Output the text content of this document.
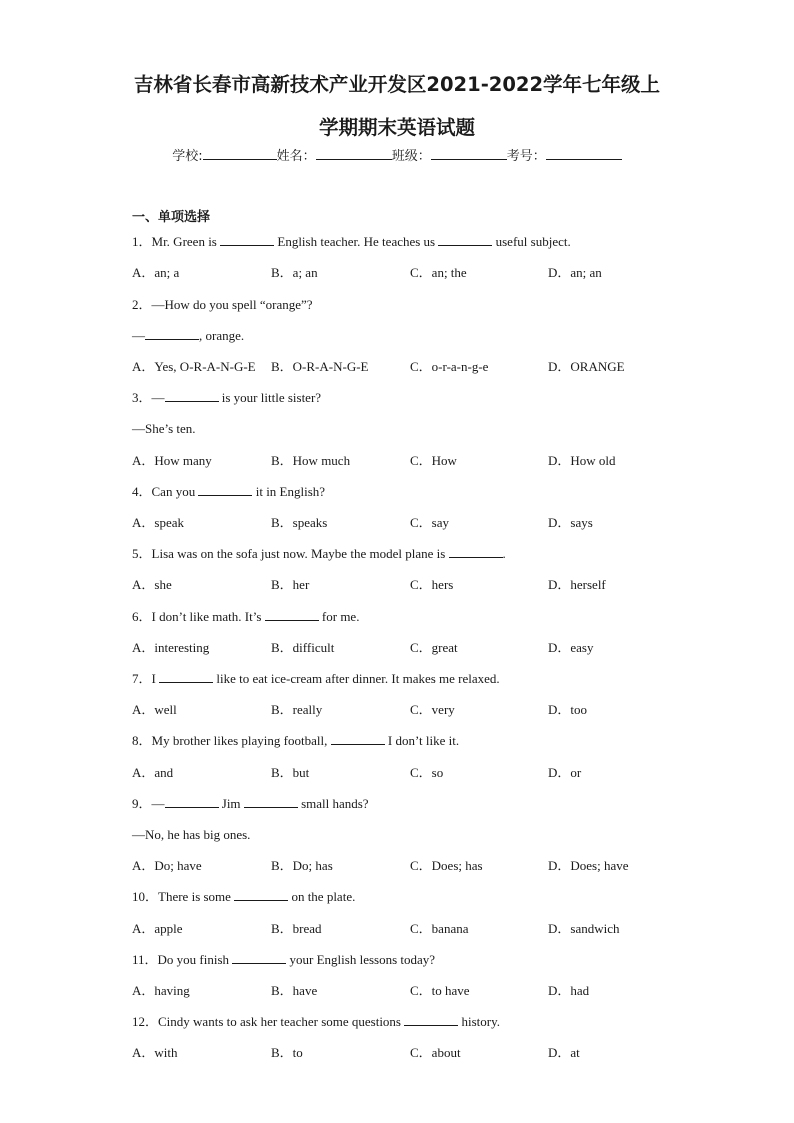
吉林省长春市高新技术产业开发区2021-2022学年七年级上
学期期末英语试题
学校:	姓名：	班级：	考号：
一、单项选择
1．Mr. Green is	English teacher. He teaches us	useful subject.
A．an; a	B．a; an	C．an; the	D．an; an
2．—How do you spell “orange”?
—	, orange.
A．Yes, O-R-A-N-G-E B．O-R-A-N-G-E	C．o-r-a-n-g-e	D．ORANGE
3．—	is your little sister?
—She’s ten.
A．How many	B．How much	C．How	D．How old
4．Can you	it in English?
A．speak	B．speaks	C．say	D．says
5．Lisa was on the sofa just now. Maybe the model plane is	.
A．she	B．her	C．hers	D．herself
6．I don’t like math. It’s	for me.
A．interesting	B．difficult	C．great	D．easy
7．I	like to eat ice-cream after dinner. It makes me relaxed.
A．well	B．really	C．very	D．too
8．My brother likes playing football,	I don’t like it.
A．and	B．but	C．so	D．or
9．—	Jim	small hands?
—No, he has big ones.
A．Do; have	B．Do; has	C．Does; has	D．Does; have
10．There is some	on the plate.
A．apple	B．bread	C．banana	D．sandwich
11．Do you finish	your English lessons today?
A．having	B．have	C．to have	D．had
12．Cindy wants to ask her teacher some questions	history.
A．with	B．to	C．about	D．at
